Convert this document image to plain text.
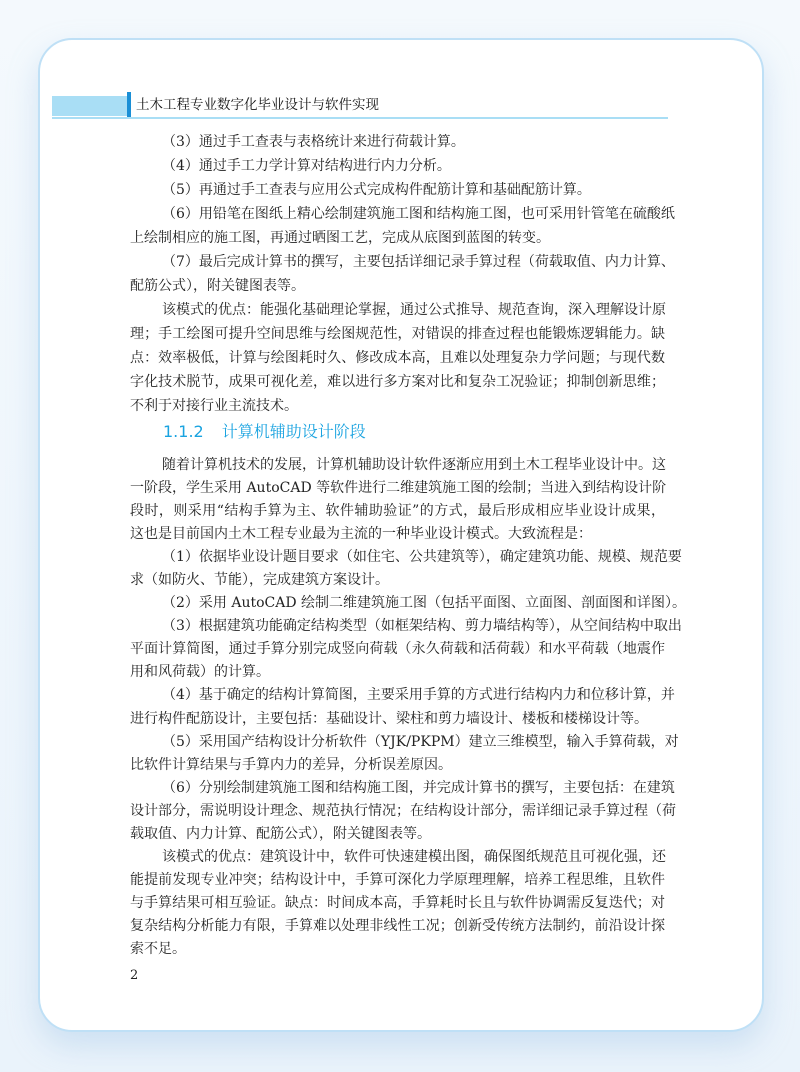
土木工程专业数字化毕业设计与软件实现
（3）通过手工查表与表格统计来进行荷载计算。
（4）通过手工力学计算对结构进行内力分析。
（5）再通过手工查表与应用公式完成构件配筋计算和基础配筋计算。
（6）用铅笔在图纸上精心绘制建筑施工图和结构施工图，也可采用针管笔在硫酸纸
上绘制相应的施工图，再通过晒图工艺，完成从底图到蓝图的转变。
（7）最后完成计算书的撰写，主要包括详细记录手算过程（荷载取值、内力计算、
配筋公式），附关键图表等。
该模式的优点：能强化基础理论掌握，通过公式推导、规范查询，深入理解设计原
理；手工绘图可提升空间思维与绘图规范性，对错误的排查过程也能锻炼逻辑能力。缺
点：效率极低，计算与绘图耗时久、修改成本高，且难以处理复杂力学问题；与现代数
字化技术脱节，成果可视化差，难以进行多方案对比和复杂工况验证；抑制创新思维；
不利于对接行业主流技术。
1.1.2 计算机辅助设计阶段
随着计算机技术的发展，计算机辅助设计软件逐渐应用到土木工程毕业设计中。这
一阶段，学生采用 AutoCAD 等软件进行二维建筑施工图的绘制；当进入到结构设计阶
段时，则采用“结构手算为主、软件辅助验证”的方式，最后形成相应毕业设计成果，
这也是目前国内土木工程专业最为主流的一种毕业设计模式。大致流程是：
（1）依据毕业设计题目要求（如住宅、公共建筑等），确定建筑功能、规模、规范要
求（如防火、节能），完成建筑方案设计。
（2）采用 AutoCAD 绘制二维建筑施工图（包括平面图、立面图、剖面图和详图）。
（3）根据建筑功能确定结构类型（如框架结构、剪力墙结构等），从空间结构中取出
平面计算简图，通过手算分别完成竖向荷载（永久荷载和活荷载）和水平荷载（地震作
用和风荷载）的计算。
（4）基于确定的结构计算简图，主要采用手算的方式进行结构内力和位移计算，并
进行构件配筋设计，主要包括：基础设计、梁柱和剪力墙设计、楼板和楼梯设计等。
（5）采用国产结构设计分析软件（YJK/PKPM）建立三维模型，输入手算荷载，对
比软件计算结果与手算内力的差异，分析误差原因。
（6）分别绘制建筑施工图和结构施工图，并完成计算书的撰写，主要包括：在建筑
设计部分，需说明设计理念、规范执行情况；在结构设计部分，需详细记录手算过程（荷
载取值、内力计算、配筋公式），附关键图表等。
该模式的优点：建筑设计中，软件可快速建模出图，确保图纸规范且可视化强，还
能提前发现专业冲突；结构设计中，手算可深化力学原理理解，培养工程思维，且软件
与手算结果可相互验证。缺点：时间成本高，手算耗时长且与软件协调需反复迭代；对
复杂结构分析能力有限，手算难以处理非线性工况；创新受传统方法制约，前沿设计探
索不足。
2
